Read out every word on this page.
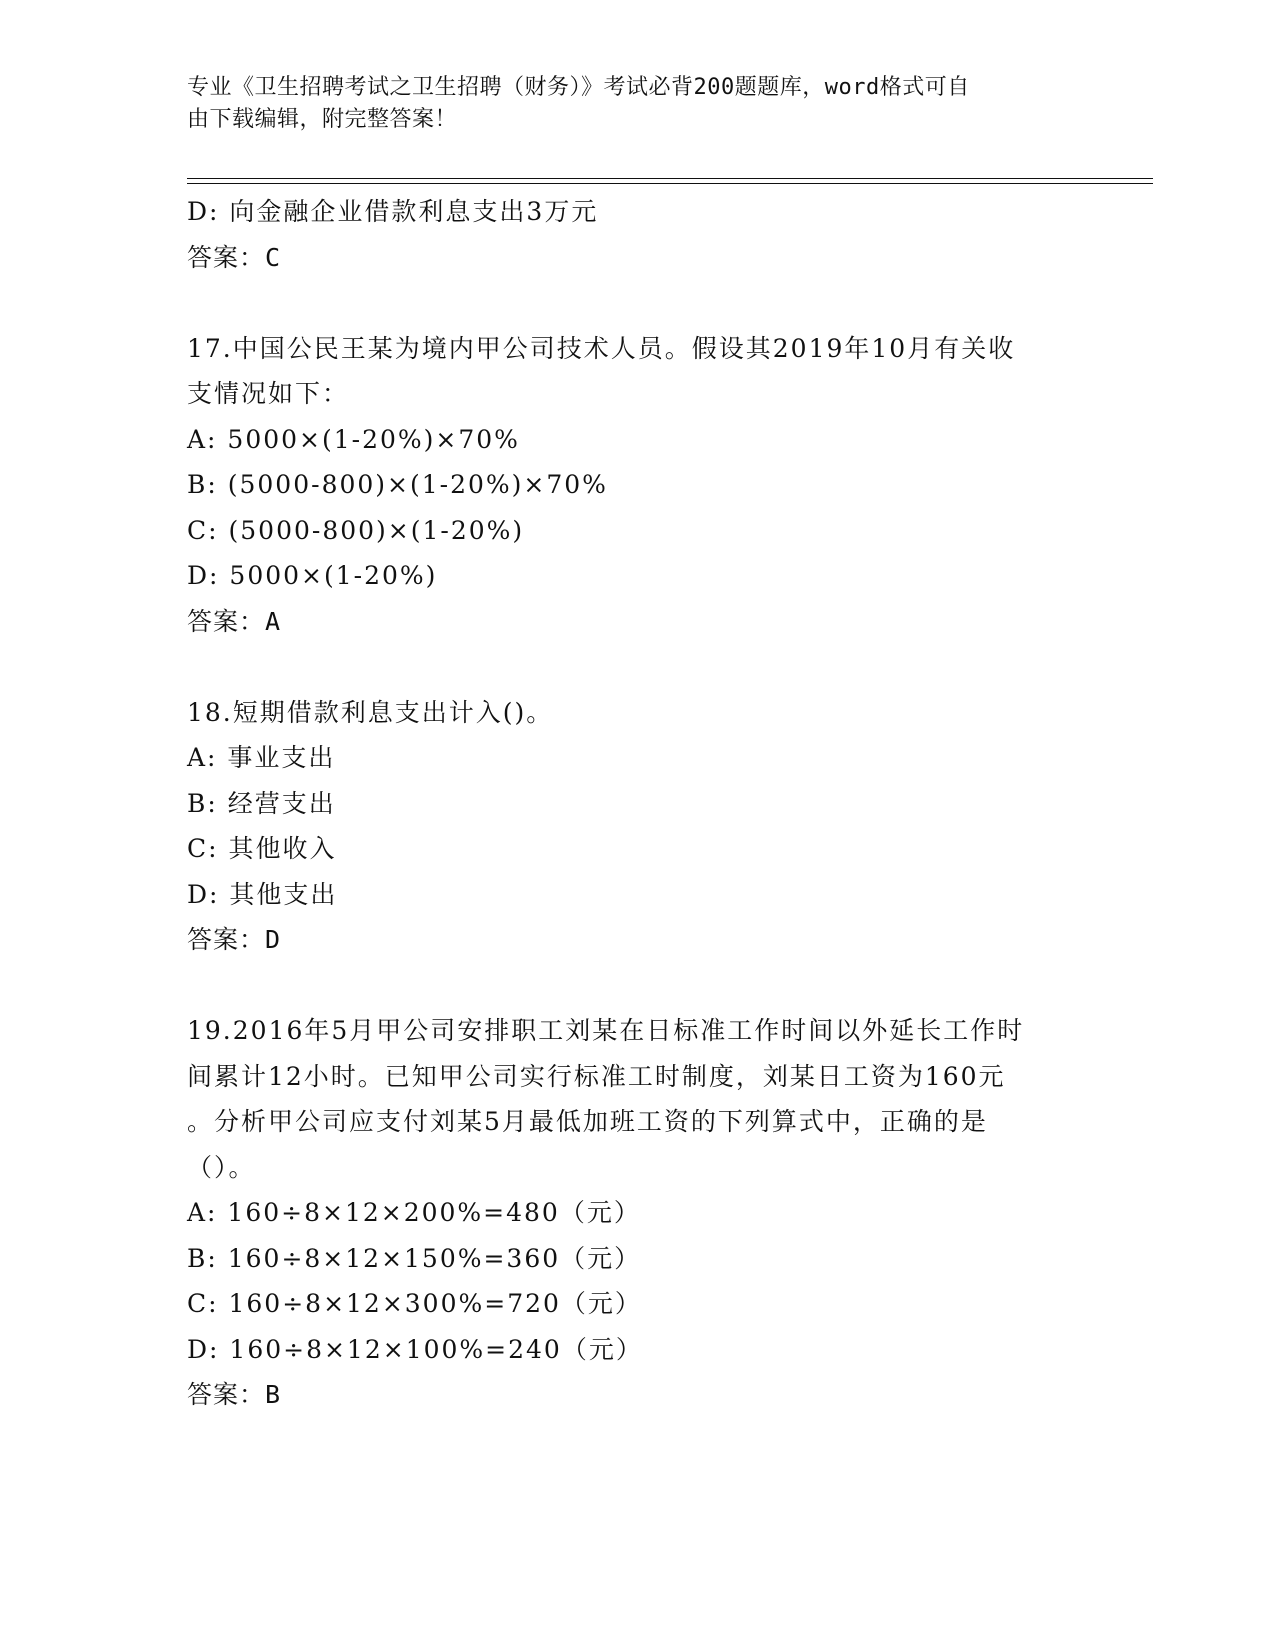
专业《卫生招聘考试之卫生招聘（财务）》考试必背200题题库，word格式可自
由下载编辑，附完整答案！
D: 向金融企业借款利息支出3万元
答案：C
17.中国公民王某为境内甲公司技术人员。假设其2019年10月有关收
支情况如下：
A: 5000×(1-20%)×70%
B: (5000-800)×(1-20%)×70%
C: (5000-800)×(1-20%)
D: 5000×(1-20%)
答案：A
18.短期借款利息支出计入()。
A: 事业支出
B: 经营支出
C: 其他收入
D: 其他支出
答案：D
19.2016年5月甲公司安排职工刘某在日标准工作时间以外延长工作时
间累计12小时。已知甲公司实行标准工时制度，刘某日工资为160元
。分析甲公司应支付刘某5月最低加班工资的下列算式中，正确的是
（）。
A: 160÷8×12×200%=480（元）
B: 160÷8×12×150%=360（元）
C: 160÷8×12×300%=720（元）
D: 160÷8×12×100%=240（元）
答案：B
